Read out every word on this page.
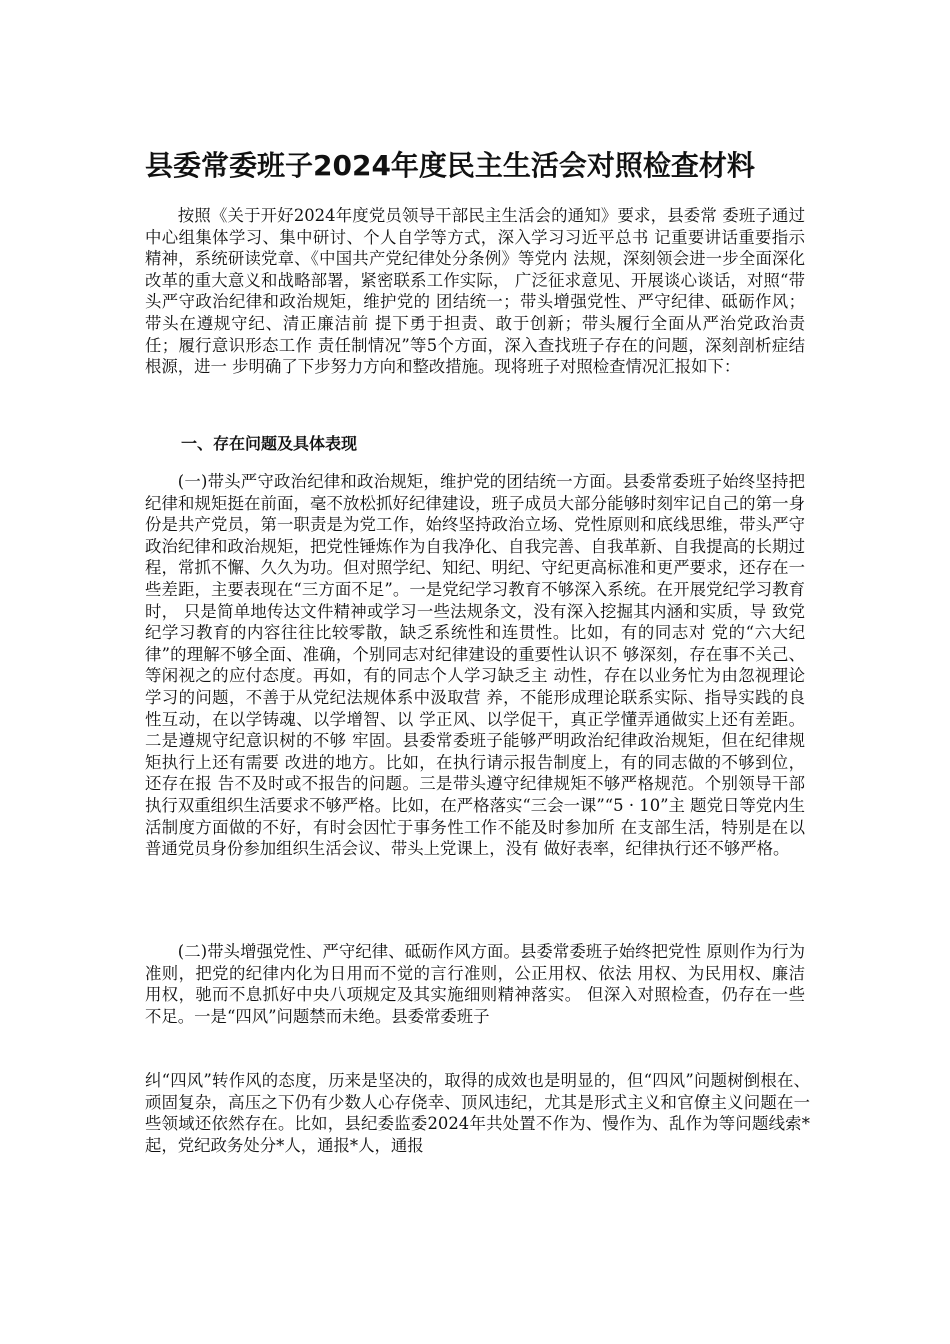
县委常委班子2024年度民主生活会对照检查材料
按照《关于开好2024年度党员领导干部民主生活会的通知》要求，县委常 委班子通过中心组集体学习、集中研讨、个人自学等方式，深入学习习近平总书 记重要讲话重要指示精神，系统研读党章、《中国共产党纪律处分条例》等党内 法规，深刻领会进一步全面深化改革的重大意义和战略部署，紧密联系工作实际， 广泛征求意见、开展谈心谈话，对照“带头严守政治纪律和政治规矩，维护党的 团结统一；带头增强党性、严守纪律、砥砺作风；带头在遵规守纪、清正廉洁前 提下勇于担责、敢于创新；带头履行全面从严治党政治责任；履行意识形态工作 责任制情况”等5个方面，深入查找班子存在的问题，深刻剖析症结根源，进一 步明确了下步努力方向和整改措施。现将班子对照检查情况汇报如下：
一、存在问题及具体表现
(一)带头严守政治纪律和政治规矩，维护党的团结统一方面。县委常委班子始终坚持把纪律和规矩挺在前面，毫不放松抓好纪律建设，班子成员大部分能够时刻牢记自己的第一身份是共产党员，第一职责是为党工作，始终坚持政治立场、党性原则和底线思维，带头严守政治纪律和政治规矩，把党性锤炼作为自我净化、自我完善、自我革新、自我提高的长期过程，常抓不懈、久久为功。但对照学纪、知纪、明纪、守纪更高标准和更严要求，还存在一些差距，主要表现在“三方面不足”。一是党纪学习教育不够深入系统。在开展党纪学习教育时， 只是简单地传达文件精神或学习一些法规条文，没有深入挖掘其内涵和实质，导 致党纪学习教育的内容往往比较零散，缺乏系统性和连贯性。比如，有的同志对 党的“六大纪律”的理解不够全面、准确，个别同志对纪律建设的重要性认识不 够深刻，存在事不关己、等闲视之的应付态度。再如，有的同志个人学习缺乏主 动性，存在以业务忙为由忽视理论学习的问题，不善于从党纪法规体系中汲取营 养，不能形成理论联系实际、指导实践的良性互动，在以学铸魂、以学增智、以 学正风、以学促干，真正学懂弄通做实上还有差距。二是遵规守纪意识树的不够 牢固。县委常委班子能够严明政治纪律政治规矩，但在纪律规矩执行上还有需要 改进的地方。比如，在执行请示报告制度上，有的同志做的不够到位，还存在报 告不及时或不报告的问题。三是带头遵守纪律规矩不够严格规范。个别领导干部 执行双重组织生活要求不够严格。比如，在严格落实“三会一课”“5 · 10”主 题党日等党内生活制度方面做的不好，有时会因忙于事务性工作不能及时参加所 在支部生活，特别是在以普通党员身份参加组织生活会议、带头上党课上，没有 做好表率，纪律执行还不够严格。
(二)带头增强党性、严守纪律、砥砺作风方面。县委常委班子始终把党性 原则作为行为准则，把党的纪律内化为日用而不觉的言行准则，公正用权、依法 用权、为民用权、廉洁用权，驰而不息抓好中央八项规定及其实施细则精神落实。 但深入对照检查，仍存在一些不足。一是“四风”问题禁而未绝。县委常委班子
纠“四风”转作风的态度，历来是坚决的，取得的成效也是明显的，但“四风”问题树倒根在、顽固复杂，高压之下仍有少数人心存侥幸、顶风违纪，尤其是形式主义和官僚主义问题在一些领域还依然存在。比如，县纪委监委2024年共处置不作为、慢作为、乱作为等问题线索*起，党纪政务处分*人，通报*人，通报
